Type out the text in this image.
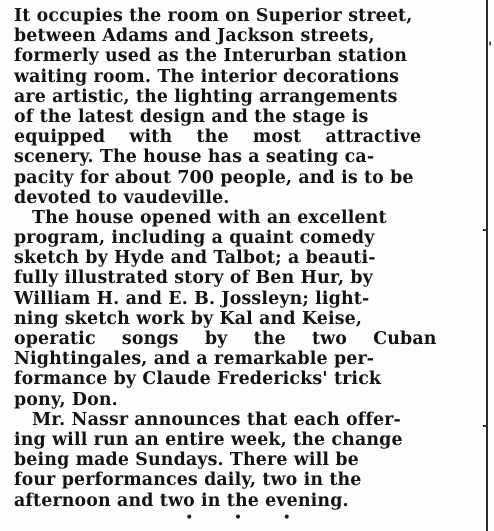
It occupies the room on Superior street,
between Adams and Jackson streets,
formerly used as the Interurban station
waiting room. The interior decorations
are artistic, the lighting arrangements
of the latest design and the stage is
equipped with the most attractive
scenery. The house has a seating ca-
pacity for about 700 people, and is to be
devoted to vaudeville.
The house opened with an excellent
program, including a quaint comedy
sketch by Hyde and Talbot; a beauti-
fully illustrated story of Ben Hur, by
William H. and E. B. Jossleyn; light-
ning sketch work by Kal and Keise,
operatic songs by the two Cuban
Nightingales, and a remarkable per-
formance by Claude Fredericks' trick
pony, Don.
Mr. Nassr announces that each offer-
ing will run an entire week, the change
being made Sundays. There will be
four performances daily, two in the
afternoon and two in the evening.
• • •
'
-
-
